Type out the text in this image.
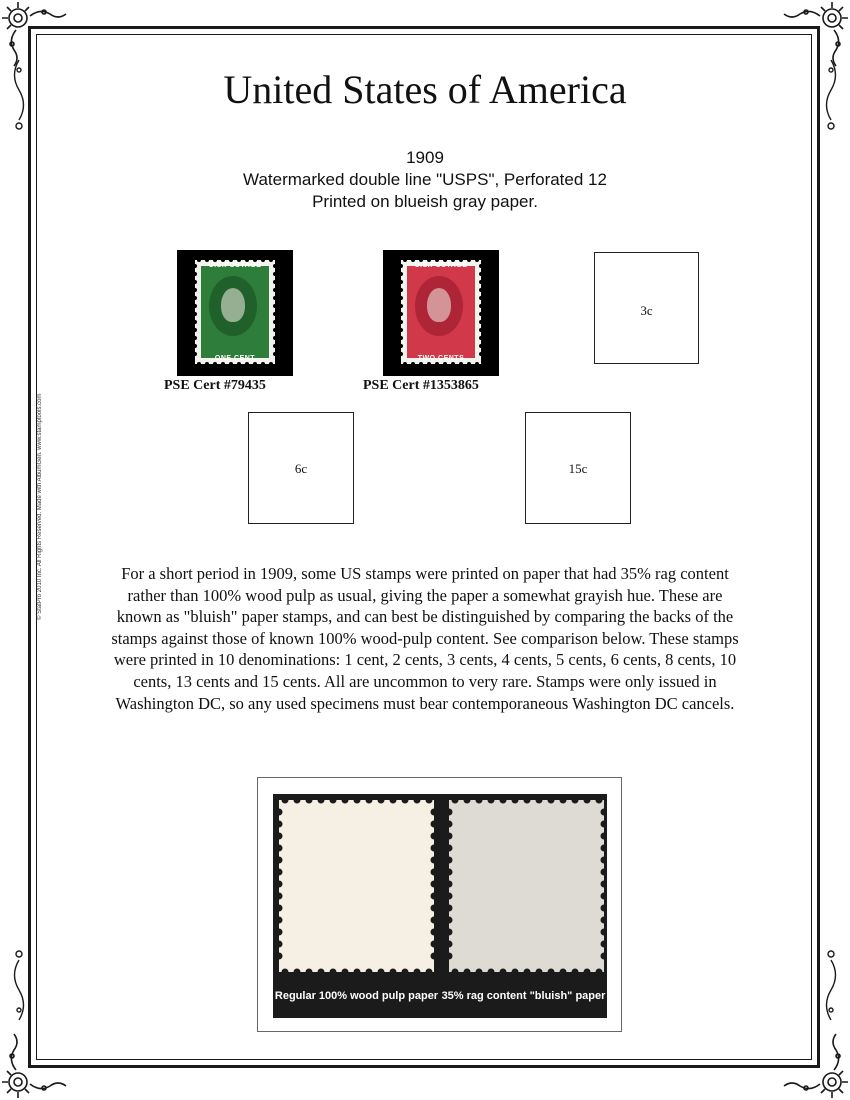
United States of America
1909
Watermarked double line "USPS", Perforated 12
Printed on blueish gray paper.
U.S.POSTAGE
ONE CENT
PSE Cert #79435
U.S.POSTAGE
TWO CENTS
PSE Cert #1353865
3c
6c	15c
For a short period in 1909, some US stamps were printed on paper that had 35% rag content rather than 100% wood pulp as usual, giving the paper a somewhat grayish hue. These are known as "bluish" paper stamps, and can best be distinguished by comparing the backs of the stamps against those of known 100% wood-pulp content. See comparison below. These stamps were printed in 10 denominations: 1 cent, 2 cents, 3 cents, 4 cents, 5 cents, 6 cents, 8 cents, 10 cents, 13 cents and 15 cents. All are uncommon to very rare. Stamps were only issued in Washington DC, so any used specimens must bear contemporaneous Washington DC cancels.
Regular 100% wood pulp paper 35% rag content "bluish" paper
© StatPro 2010 Inc. All Rights Reserved. Made with AlbumGen. www.stamptools.com
